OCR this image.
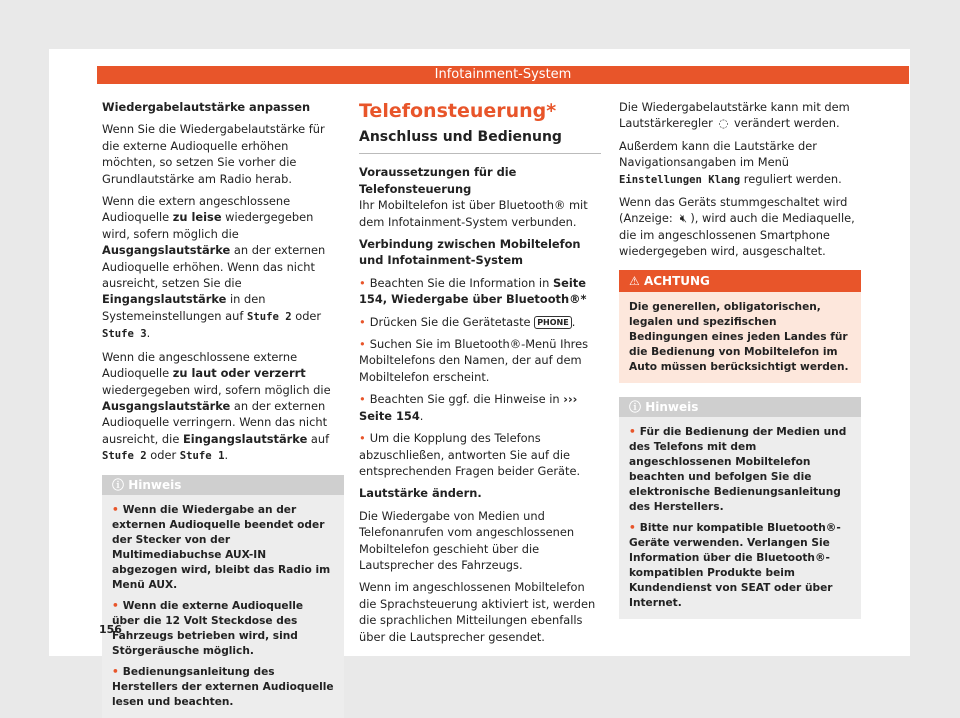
Infotainment-System

Wiedergabelautstärke anpassen

Wenn Sie die Wiedergabelautstärke für die externe Audioquelle erhöhen möchten, so setzen Sie vorher die Grundlautstärke am Radio herab.

Wenn die extern angeschlossene Audioquelle zu leise wiedergegeben wird, sofern möglich die Ausgangslautstärke an der externen Audioquelle erhöhen. Wenn das nicht ausreicht, setzen Sie die Eingangslautstärke in den Systemeinstellungen auf Stufe 2 oder Stufe 3.

Wenn die angeschlossene externe Audioquelle zu laut oder verzerrt wiedergegeben wird, sofern möglich die Ausgangslautstärke an der externen Audioquelle verringern. Wenn das nicht ausreicht, die Eingangslautstärke auf Stufe 2 oder Stufe 1.

ⓘ Hinweis

• Wenn die Wiedergabe an der externen Audioquelle beendet oder der Stecker von der Multimediabuchse AUX-IN abgezogen wird, bleibt das Radio im Menü AUX.

• Wenn die externe Audioquelle über die 12 Volt Steckdose des Fahrzeugs betrieben wird, sind Störgeräusche möglich.

• Bedienungsanleitung des Herstellers der externen Audioquelle lesen und beachten.

Telefonsteuerung*
Anschluss und Bedienung

Voraussetzungen für die Telefonsteuerung

Ihr Mobiltelefon ist über Bluetooth® mit dem Infotainment-System verbunden.

Verbindung zwischen Mobiltelefon und Infotainment-System

• Beachten Sie die Information in Seite 154, Wiedergabe über Bluetooth®*

• Drücken Sie die Gerätetaste PHONE .

• Suchen Sie im Bluetooth®-Menü Ihres Mobiltelefons den Namen, der auf dem Mobiltelefon erscheint.

• Beachten Sie ggf. die Hinweise in ››› Seite 154.

• Um die Kopplung des Telefons abzuschließen, antworten Sie auf die entsprechenden Fragen beider Geräte.

Lautstärke ändern.

Die Wiedergabe von Medien und Telefonanrufen vom angeschlossenen Mobiltelefon geschieht über die Lautsprecher des Fahrzeugs.

Wenn im angeschlossenen Mobiltelefon die Sprachsteuerung aktiviert ist, werden die sprachlichen Mitteilungen ebenfalls über die Lautsprecher gesendet.

Die Wiedergabelautstärke kann mit dem Lautstärkeregler ◌ verändert werden.

Außerdem kann die Lautstärke der Navigationsangaben im Menü Einstellungen Klang reguliert werden.

Wenn das Geräts stummgeschaltet wird (Anzeige: 🔇︎ ), wird auch die Mediaquelle, die im angeschlossenen Smartphone wiedergegeben wird, ausgeschaltet.

⚠ ACHTUNG
Die generellen, obligatorischen, legalen und spezifischen Bedingungen eines jeden Landes für die Bedienung von Mobiltelefon im Auto müssen berücksichtigt werden.
ⓘ Hinweis

• Für die Bedienung der Medien und des Telefons mit dem angeschlossenen Mobiltelefon beachten und befolgen Sie die elektronische Bedienungsanleitung des Herstellers.

• Bitte nur kompatible Bluetooth®-Geräte verwenden. Verlangen Sie Information über die Bluetooth®-kompatiblen Produkte beim Kundendienst von SEAT oder über Internet.

156
